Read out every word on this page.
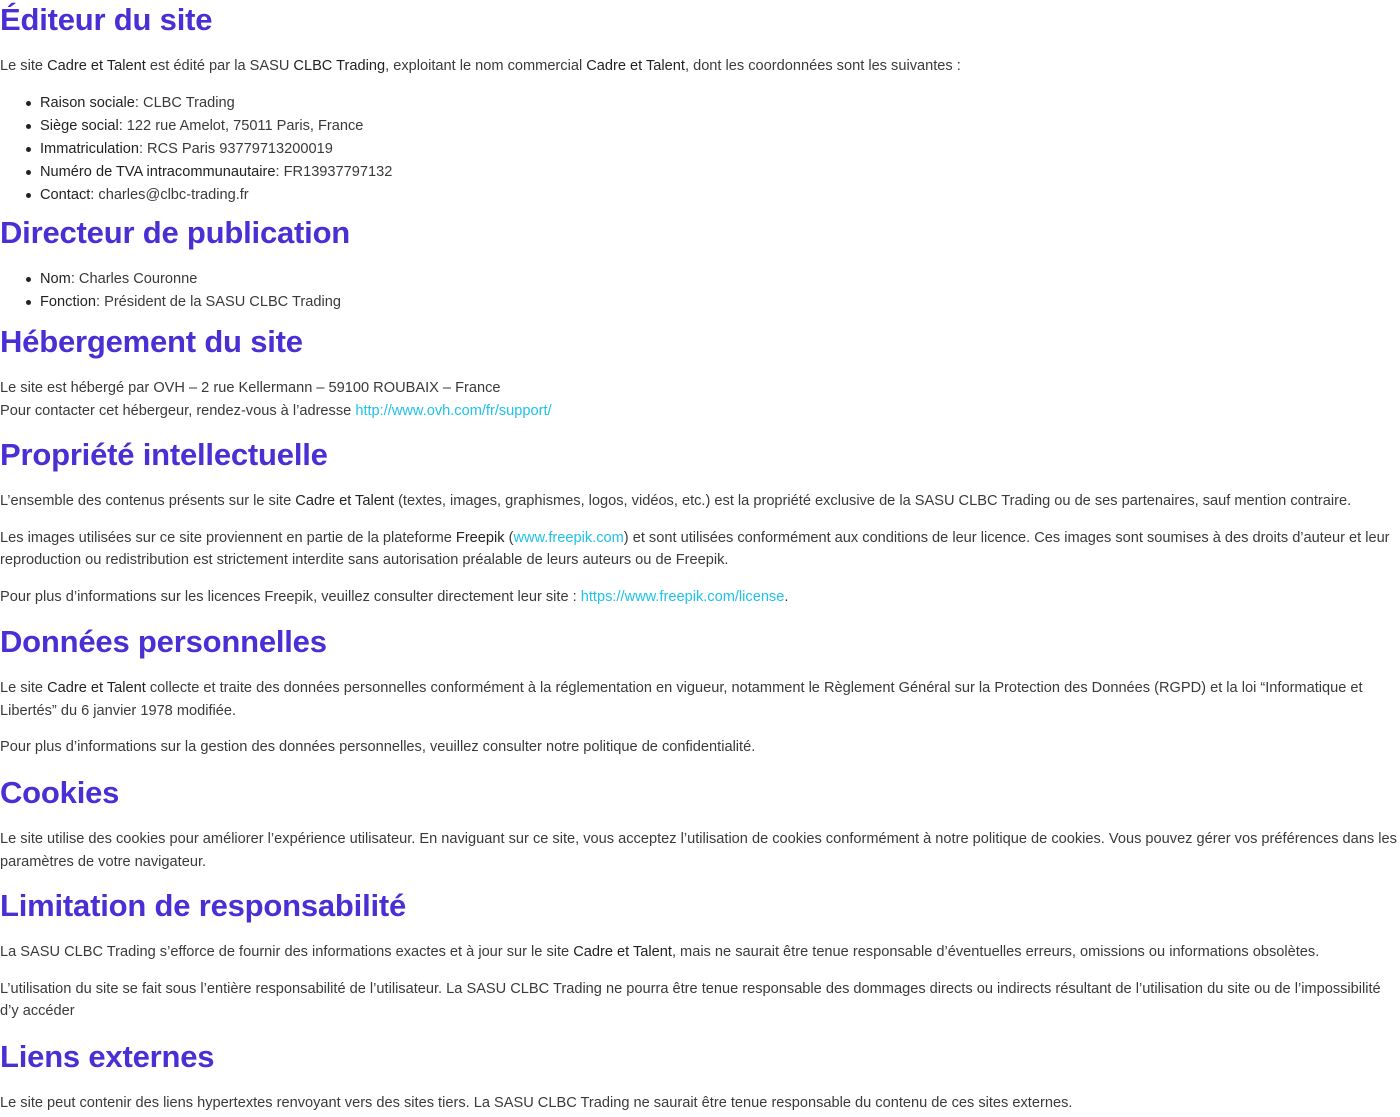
Éditeur du site

Le site Cadre et Talent est édité par la SASU CLBC Trading, exploitant le nom commercial Cadre et Talent, dont les coordonnées sont les suivantes :

Raison sociale: CLBC Trading
Siège social: 122 rue Amelot, 75011 Paris, France
Immatriculation: RCS Paris 93779713200019
Numéro de TVA intracommunautaire: FR13937797132
Contact: charles@clbc-trading.fr
Directeur de publication
Nom: Charles Couronne
Fonction: Président de la SASU CLBC Trading
Hébergement du site

Le site est hébergé par OVH – 2 rue Kellermann – 59100 ROUBAIX – France
Pour contacter cet hébergeur, rendez-vous à l’adresse http://www.ovh.com/fr/support/

Propriété intellectuelle

L’ensemble des contenus présents sur le site Cadre et Talent (textes, images, graphismes, logos, vidéos, etc.) est la propriété exclusive de la SASU CLBC Trading ou de ses partenaires, sauf mention contraire.

Les images utilisées sur ce site proviennent en partie de la plateforme Freepik (www.freepik.com) et sont utilisées conformément aux conditions de leur licence. Ces images sont soumises à des droits d’auteur et leur reproduction ou redistribution est strictement interdite sans autorisation préalable de leurs auteurs ou de Freepik.

Pour plus d’informations sur les licences Freepik, veuillez consulter directement leur site : https://www.freepik.com/license.

Données personnelles

Le site Cadre et Talent collecte et traite des données personnelles conformément à la réglementation en vigueur, notamment le Règlement Général sur la Protection des Données (RGPD) et la loi “Informatique et Libertés” du 6 janvier 1978 modifiée.

Pour plus d’informations sur la gestion des données personnelles, veuillez consulter notre politique de confidentialité.

Cookies

Le site utilise des cookies pour améliorer l’expérience utilisateur. En naviguant sur ce site, vous acceptez l’utilisation de cookies conformément à notre politique de cookies. Vous pouvez gérer vos préférences dans les paramètres de votre navigateur.

Limitation de responsabilité

La SASU CLBC Trading s’efforce de fournir des informations exactes et à jour sur le site Cadre et Talent, mais ne saurait être tenue responsable d’éventuelles erreurs, omissions ou informations obsolètes.

L’utilisation du site se fait sous l’entière responsabilité de l’utilisateur. La SASU CLBC Trading ne pourra être tenue responsable des dommages directs ou indirects résultant de l’utilisation du site ou de l’impossibilité d’y accéder

Liens externes

Le site peut contenir des liens hypertextes renvoyant vers des sites tiers. La SASU CLBC Trading ne saurait être tenue responsable du contenu de ces sites externes.
